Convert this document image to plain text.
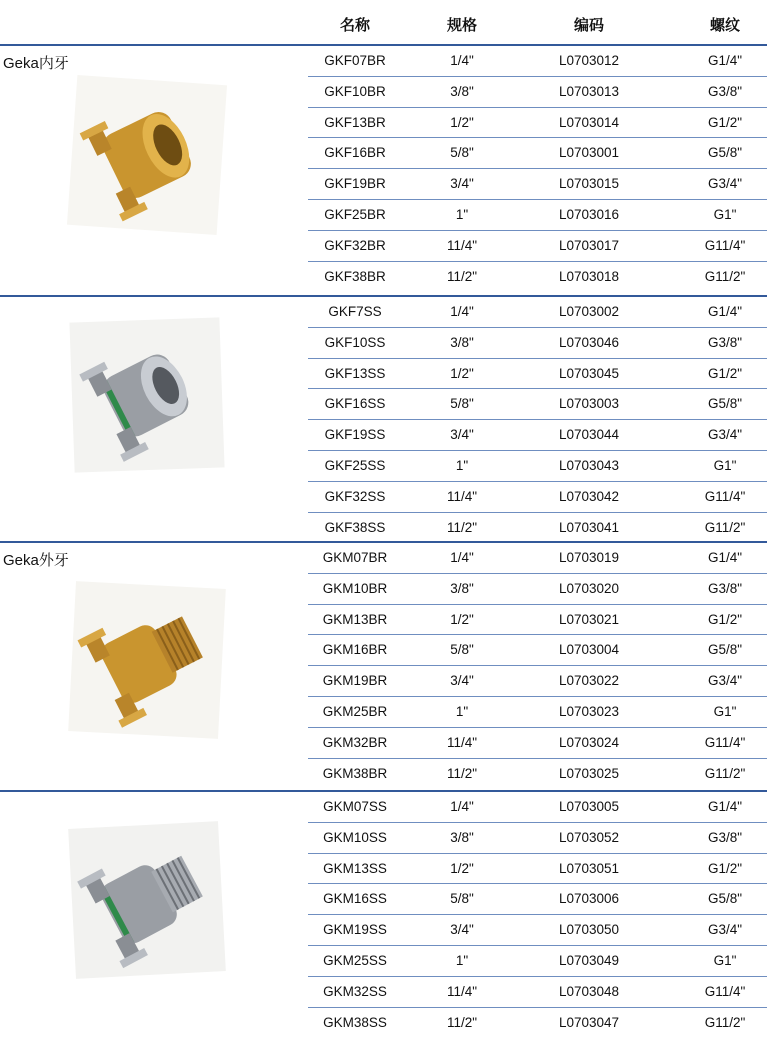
名称	规格	编码	螺纹
Geka内牙	GKF07BR	1/4"	L0703012	G1/4"
GKF10BR	3/8"	L0703013	G3/8"
GKF13BR	1/2"	L0703014	G1/2"
GKF16BR	5/8"	L0703001	G5/8"
GKF19BR	3/4"	L0703015	G3/4"
GKF25BR	1"	L0703016	G1"
GKF32BR	11/4"	L0703017	G11/4"
GKF38BR	11/2"	L0703018	G11/2"
GKF7SS	1/4"	L0703002	G1/4"
GKF10SS	3/8"	L0703046	G3/8"
GKF13SS	1/2"	L0703045	G1/2"
GKF16SS	5/8"	L0703003	G5/8"
GKF19SS	3/4"	L0703044	G3/4"
GKF25SS	1"	L0703043	G1"
GKF32SS	11/4"	L0703042	G11/4"
GKF38SS	11/2"	L0703041	G11/2"
Geka外牙	GKM07BR	1/4"	L0703019	G1/4"
GKM10BR	3/8"	L0703020	G3/8"
GKM13BR	1/2"	L0703021	G1/2"
GKM16BR	5/8"	L0703004	G5/8"
GKM19BR	3/4"	L0703022	G3/4"
GKM25BR	1"	L0703023	G1"
GKM32BR	11/4"	L0703024	G11/4"
GKM38BR	11/2"	L0703025	G11/2"
GKM07SS	1/4"	L0703005	G1/4"
GKM10SS	3/8"	L0703052	G3/8"
GKM13SS	1/2"	L0703051	G1/2"
GKM16SS	5/8"	L0703006	G5/8"
GKM19SS	3/4"	L0703050	G3/4"
GKM25SS	1"	L0703049	G1"
GKM32SS	11/4"	L0703048	G11/4"
GKM38SS	11/2"	L0703047	G11/2"
